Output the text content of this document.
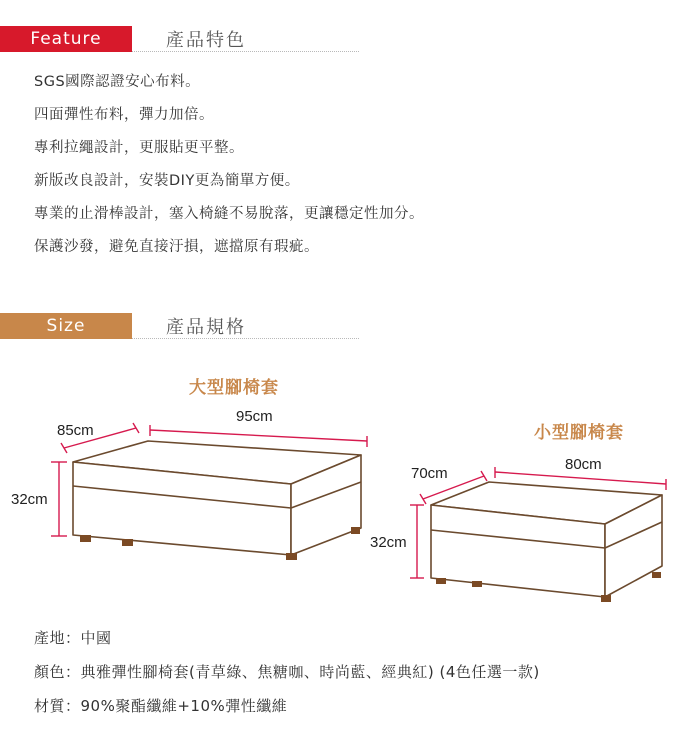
Feature	產品特色
SGS國際認證安心布料。
四面彈性布料，彈力加倍。
專利拉繩設計，更服貼更平整。
新版改良設計，安裝DIY更為簡單方便。
專業的止滑棒設計，塞入椅縫不易脫落，更讓穩定性加分。
保護沙發，避免直接汙損，遮擋原有瑕疵。
Size	產品規格
大型腳椅套
小型腳椅套
95cm
85cm
32cm
80cm
70cm
32cm
產地：中國
顏色：典雅彈性腳椅套(青草綠、焦糖咖、時尚藍、經典紅) (4色任選一款)
材質：90%聚酯纖維+10%彈性纖維
